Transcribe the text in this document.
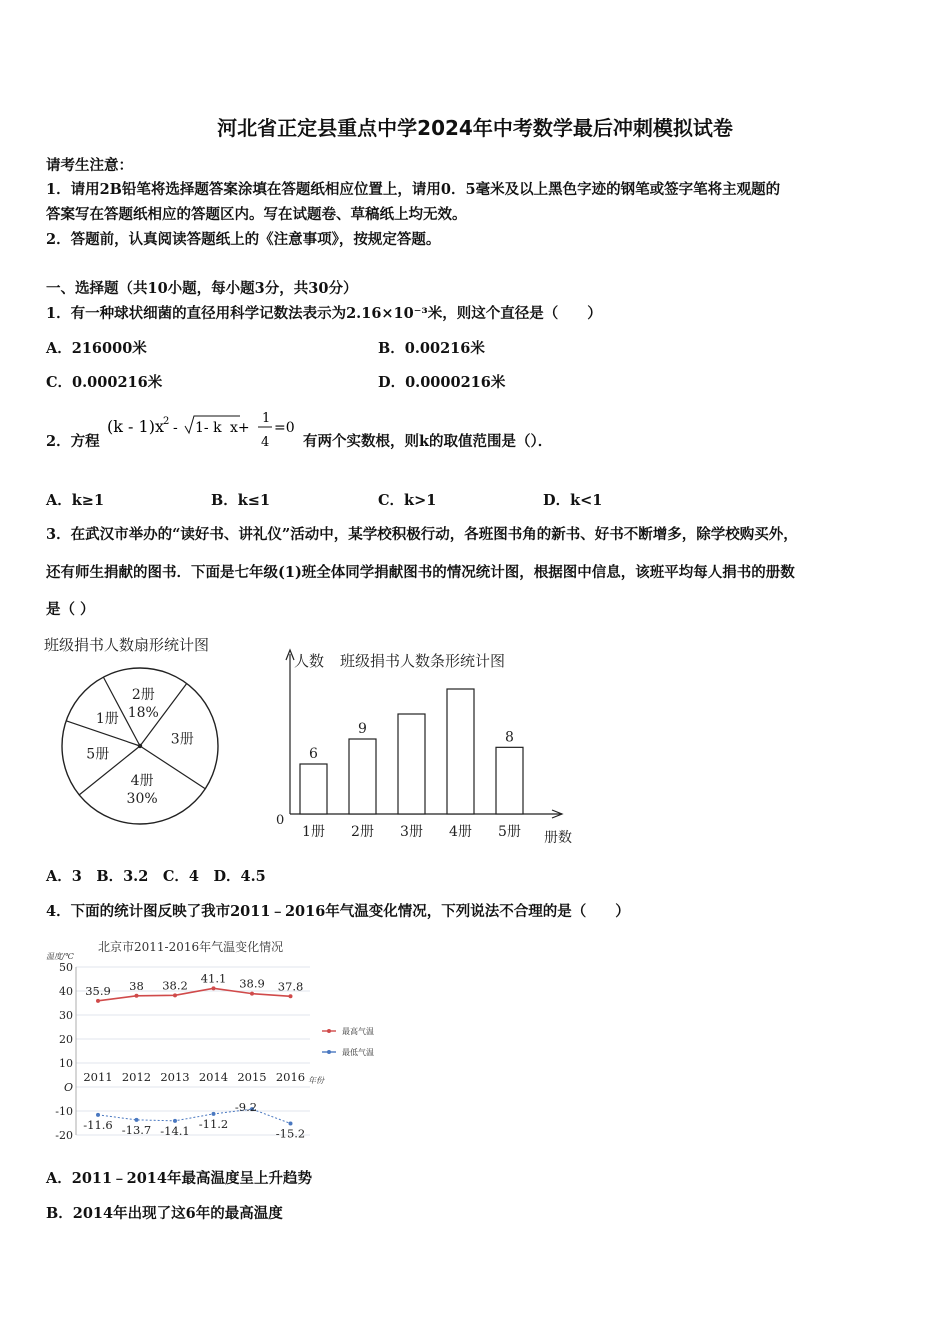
河北省正定县重点中学2024年中考数学最后冲刺模拟试卷
请考生注意：
1．请用2B铅笔将选择题答案涂填在答题纸相应位置上，请用0．5毫米及以上黑色字迹的钢笔或签字笔将主观题的
答案写在答题纸相应的答题区内。写在试题卷、草稿纸上均无效。
2．答题前，认真阅读答题纸上的《注意事项》，按规定答题。
一、选择题（共10小题，每小题3分，共30分）
1．有一种球状细菌的直径用科学记数法表示为2.16×10⁻³米，则这个直径是（　　）
A．216000米	B．0.00216米
C．0.000216米	D．0.0000216米
2．方程
(k - 1)x 2 - 1- k x+
1
4
=0
有两个实数根，则k的取值范围是（）．
A．k≥1	B．k≤1	C．k>1	D．k<1
3．在武汉市举办的“读好书、讲礼仪”活动中，某学校积极行动，各班图书角的新书、好书不断增多，除学校购买外，
还有师生捐献的图书．下面是七年级(1)班全体同学捐献图书的情况统计图，根据图中信息，该班平均每人捐书的册数
是（ ）
班级捐书人数扇形统计图
2册
18%
3册
4册
30%
5册
1册
人数 班级捐书人数条形统计图
0
册数
6
1册
9
2册 3册 4册
8
5册
A．3　B．3.2　C．4　D．4.5
4．下面的统计图反映了我市2011﹣2016年气温变化情况，下列说法不合理的是（　　）
北京市2011-2016年气温变化情况
温度/℃
50
40
30
20
10
O
-10
-20
2011 2012 2013 2014 2015 2016 年份
35.9 38 38.2 41.1 38.9 37.8
最高气温
-11.6 -13.7 -14.1 -11.2
-9.2
-15.2
最低气温
A．2011﹣2014年最高温度呈上升趋势
B．2014年出现了这6年的最高温度
